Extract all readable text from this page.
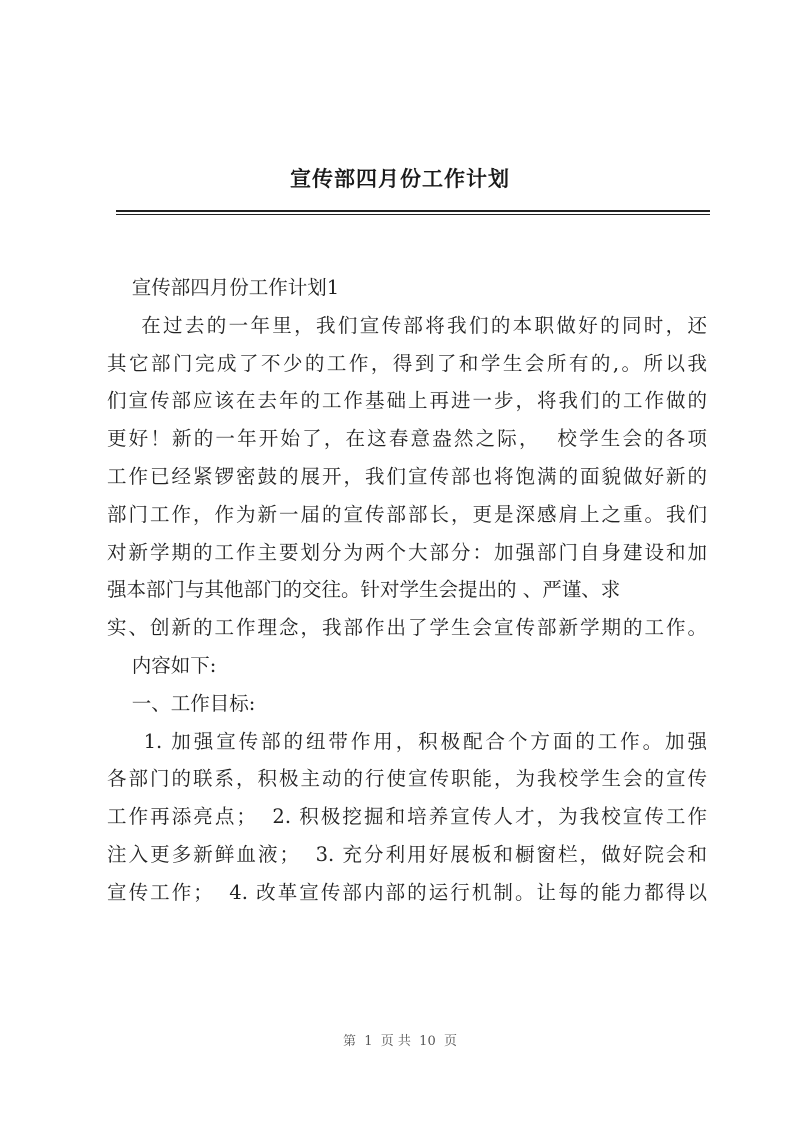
宣传部四月份工作计划
宣传部四月份工作计划1
在过去的一年里，我们宣传部将我们的本职做好的同时，还
其它部门完成了不少的工作，得到了和学生会所有的,。所以我
们宣传部应该在去年的工作基础上再进一步，将我们的工作做的
更好！新的一年开始了，在这春意盎然之际，  校学生会的各项
工作已经紧锣密鼓的展开，我们宣传部也将饱满的面貌做好新的
部门工作，作为新一届的宣传部部长，更是深感肩上之重。我们
对新学期的工作主要划分为两个大部分：加强部门自身建设和加
强本部门与其他部门的交往。针对学生会提出的 、严谨、求
实、创新的工作理念，我部作出了学生会宣传部新学期的工作。
内容如下:
一、工作目标:
1. 加强宣传部的纽带作用，积极配合个方面的工作。加强
各部门的联系，积极主动的行使宣传职能，为我校学生会的宣传
工作再添亮点；  2. 积极挖掘和培养宣传人才，为我校宣传工作
注入更多新鲜血液；  3. 充分利用好展板和橱窗栏，做好院会和
宣传工作；  4. 改革宣传部内部的运行机制。让每的能力都得以
第  1  页 共  10  页
